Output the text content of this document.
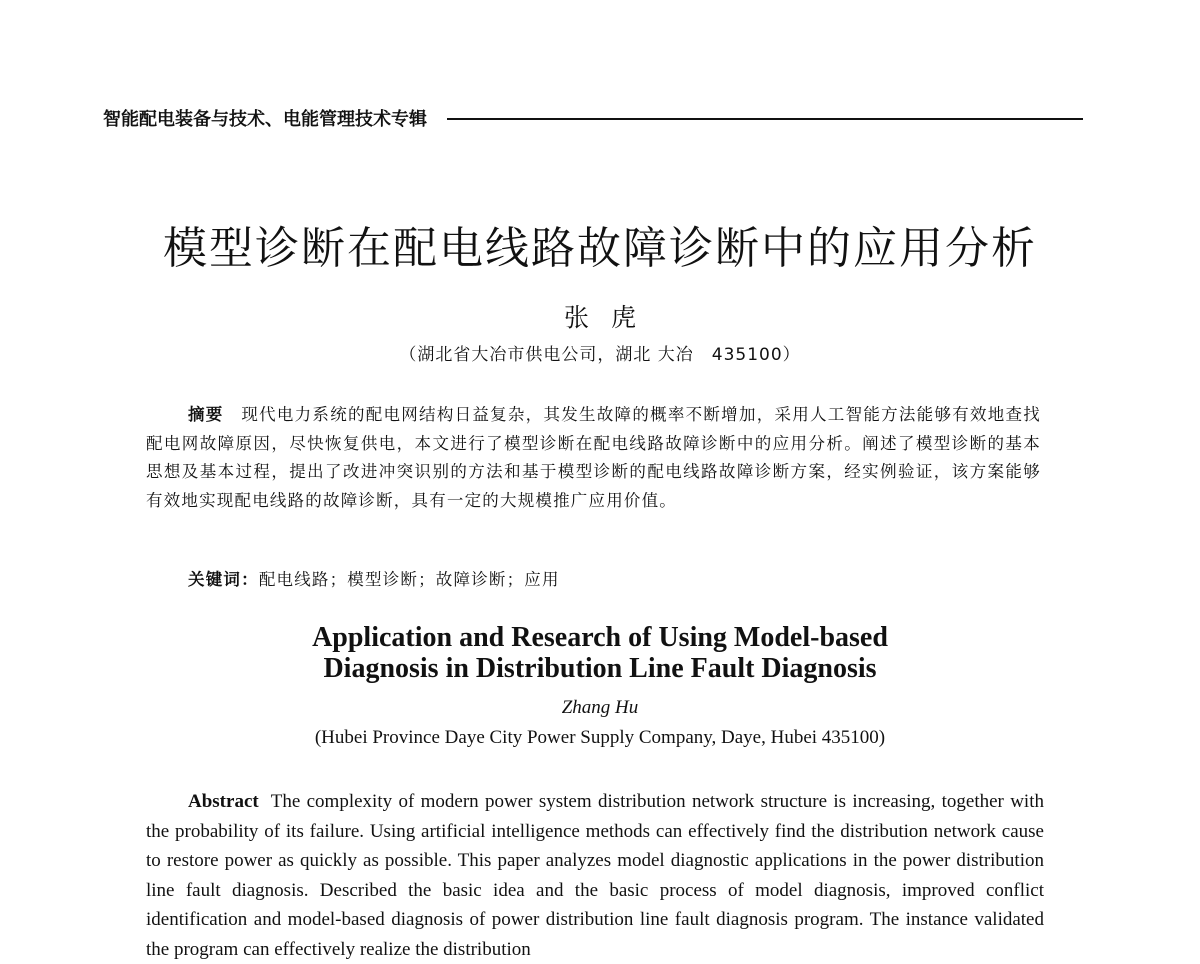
智能配电装备与技术、电能管理技术专辑
模型诊断在配电线路故障诊断中的应用分析
张虎
（湖北省大冶市供电公司，湖北 大冶　435100）

摘要　 现代电力系统的配电网结构日益复杂，其发生故障的概率不断增加，采用人工智能方法能够有效地查找配电网故障原因，尽快恢复供电，本文进行了模型诊断在配电线路故障诊断中的应用分析。阐述了模型诊断的基本思想及基本过程，提出了改进冲突识别的方法和基于模型诊断的配电线路故障诊断方案，经实例验证，该方案能够有效地实现配电线路的故障诊断，具有一定的大规模推广应用价值。

关键词：配电线路；模型诊断；故障诊断；应用
Application and Research of Using Model-based
Diagnosis in Distribution Line Fault Diagnosis
Zhang Hu
(Hubei Province Daye City Power Supply Company, Daye, Hubei 435100)

Abstract The complexity of modern power system distribution network structure is increasing, together with the probability of its failure. Using artificial intelligence methods can effectively find the distribution network cause to restore power as quickly as possible. This paper analyzes model diagnostic applications in the power distribution line fault diagnosis. Described the basic idea and the basic process of model diagnosis, improved conflict identification and model-based diagnosis of power distribution line fault diagnosis program. The instance validated the program can effectively realize the distribution
